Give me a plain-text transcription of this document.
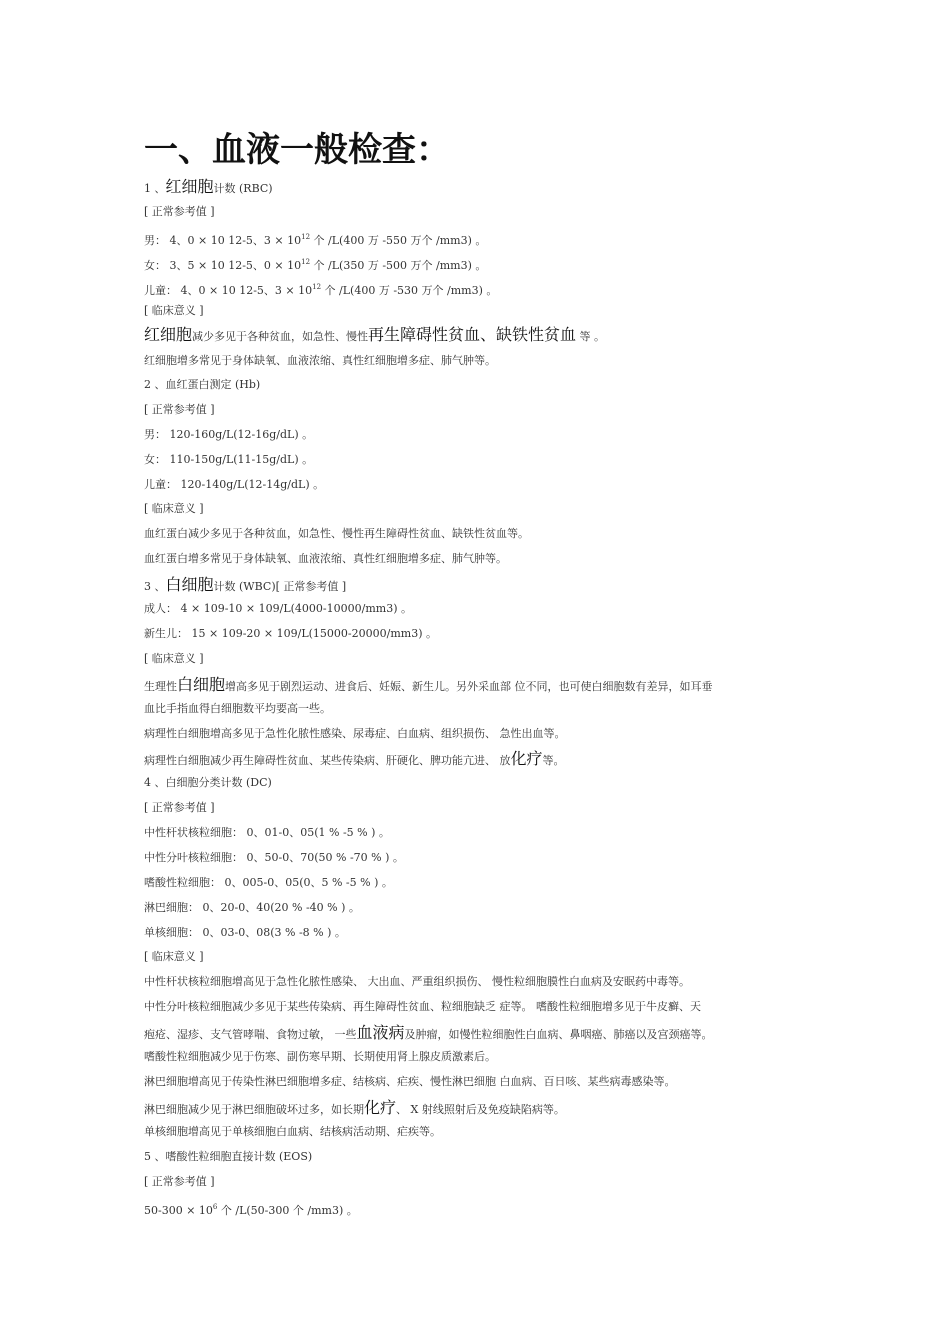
一、血液一般检查：
1 、红细胞计数 (RBC)
[ 正常参考值 ]
男： 4、0 × 10 12-5、$3 \times 10^{12}$ 个 /L(400 万 -550 万个 /mm3) 。
女： 3、5 × 10 12-5、$0 \times 10^{12}$ 个 /L(350 万 -500 万个 /mm3) 。
儿童： 4、0 × 10 12-5、$3 \times 10^{12}$ 个 /L(400 万 -530 万个 /mm3) 。
[ 临床意义 ]
红细胞减少多见于各种贫血，如急性、慢性再生障碍性贫血、缺铁性贫血 等 。
红细胞增多常见于身体缺氧、血液浓缩、真性红细胞增多症、肺气肿等。
2 、血红蛋白测定 (Hb)
[ 正常参考值 ]
男： 120-160g/L(12-16g/dL) 。
女： 110-150g/L(11-15g/dL) 。
儿童： 120-140g/L(12-14g/dL) 。
[ 临床意义 ]
血红蛋白减少多见于各种贫血，如急性、慢性再生障碍性贫血、缺铁性贫血等。
血红蛋白增多常见于身体缺氧、血液浓缩、真性红细胞增多症、肺气肿等。
3 、白细胞计数 (WBC)[ 正常参考值 ]
成人： 4 × 109-10 × 109/L(4000-10000/mm3) 。
新生儿： 15 × 109-20 × 109/L(15000-20000/mm3) 。
[ 临床意义 ]
生理性白细胞增高多见于剧烈运动、进食后、妊娠、新生儿。另外采血部 位不同，也可使白细胞数有差异，如耳垂
血比手指血得白细胞数平均要高一些。
病理性白细胞增高多见于急性化脓性感染、尿毒症、白血病、组织损伤、 急性出血等。
病理性白细胞减少再生障碍性贫血、某些传染病、肝硬化、脾功能亢进、 放化疗等。
4 、白细胞分类计数 (DC)
[ 正常参考值 ]
中性杆状核粒细胞： 0、01-0、05(1 % -5 % ) 。
中性分叶核粒细胞： 0、50-0、70(50 % -70 % ) 。
嗜酸性粒细胞： 0、005-0、05(0、5 % -5 % ) 。
淋巴细胞： 0、20-0、40(20 % -40 % ) 。
单核细胞： 0、03-0、08(3 % -8 % ) 。
[ 临床意义 ]
中性杆状核粒细胞增高见于急性化脓性感染、 大出血、严重组织损伤、 慢性粒细胞膜性白血病及安眠药中毒等。
中性分叶核粒细胞减少多见于某些传染病、再生障碍性贫血、粒细胞缺乏 症等。 嗜酸性粒细胞增多见于牛皮癣、天
疱疮、湿疹、支气管哮喘、食物过敏， 一些血液病及肿瘤，如慢性粒细胞性白血病、鼻咽癌、肺癌以及宫颈癌等。
嗜酸性粒细胞减少见于伤寒、副伤寒早期、长期使用肾上腺皮质激素后。
淋巴细胞增高见于传染性淋巴细胞增多症、结核病、疟疾、慢性淋巴细胞 白血病、百日咳、某些病毒感染等。
淋巴细胞减少见于淋巴细胞破坏过多，如长期化疗、 X 射线照射后及免疫缺陷病等。
单核细胞增高见于单核细胞白血病、结核病活动期、疟疾等。
5 、嗜酸性粒细胞直接计数 (EOS)
[ 正常参考值 ]
$50-300 \times 10^6$ 个 /L(50-300 个 /mm3) 。
